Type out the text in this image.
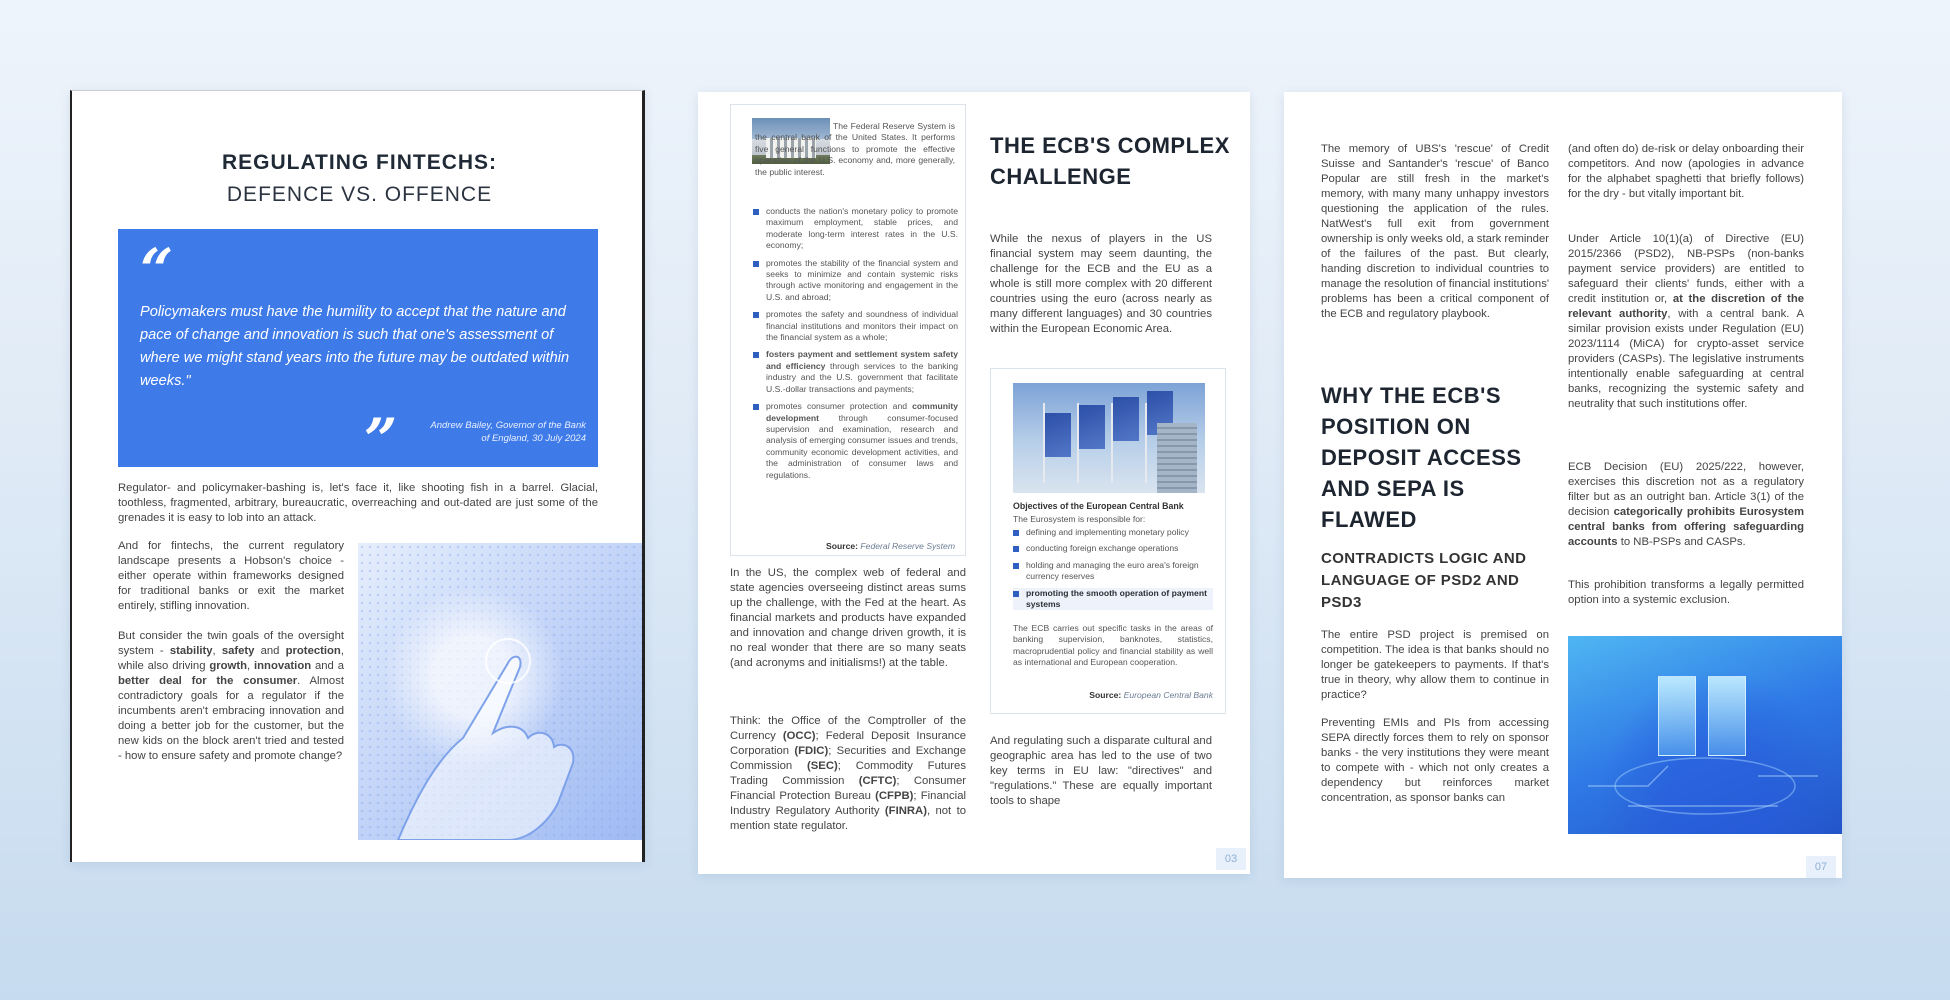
REGULATING FINTECHS:
DEFENCE VS. OFFENCE
“
Policymakers must have the humility to accept that the nature and pace of change and innovation is such that one's assessment of where we might stand years into the future may be outdated within weeks."
”	Andrew Bailey, Governor of the Bank of England, 30 July 2024

Regulator- and policymaker-bashing is, let's face it, like shooting fish in a barrel. Glacial, toothless, fragmented, arbitrary, bureaucratic, overreaching and out-dated are just some of the grenades it is easy to lob into an attack.

And for fintechs, the current regulatory landscape presents a Hobson's choice - either operate within frameworks designed for traditional banks or exit the market entirely, stifling innovation.

But consider the twin goals of the oversight system - stability, safety and protection, while also driving growth, innovation and a better deal for the consumer. Almost contradictory goals for a regulator if the incumbents aren't embracing innovation and doing a better job for the customer, but the new kids on the block aren't tried and tested - how to ensure safety and promote change?

The Federal Reserve System is the central bank of the United States. It performs five general functions to promote the effective operation of the U.S. economy and, more generally, the public interest.

conducts the nation's monetary policy to promote maximum employment, stable prices, and moderate long-term interest rates in the U.S. economy;
promotes the stability of the financial system and seeks to minimize and contain systemic risks through active monitoring and engagement in the U.S. and abroad;
promotes the safety and soundness of individual financial institutions and monitors their impact on the financial system as a whole;
fosters payment and settlement system safety and efficiency through services to the banking industry and the U.S. government that facilitate U.S.-dollar transactions and payments;
promotes consumer protection and community development through consumer-focused supervision and examination, research and analysis of emerging consumer issues and trends, community economic development activities, and the administration of consumer laws and regulations.
Source: Federal Reserve System
THE ECB'S COMPLEX CHALLENGE

While the nexus of players in the US financial system may seem daunting, the challenge for the ECB and the EU as a whole is still more complex with 20 different countries using the euro (across nearly as many different languages) and 30 countries within the European Economic Area.

Objectives of the European Central Bank
The Eurosystem is responsible for:
defining and implementing monetary policy
conducting foreign exchange operations
holding and managing the euro area's foreign currency reserves
promoting the smooth operation of payment systems

The ECB carries out specific tasks in the areas of banking supervision, banknotes, statistics, macroprudential policy and financial stability as well as international and European cooperation.

Source: European Central Bank

In the US, the complex web of federal and state agencies overseeing distinct areas sums up the challenge, with the Fed at the heart. As financial markets and products have expanded and innovation and change driven growth, it is no real wonder that there are so many seats (and acronyms and initialisms!) at the table.

Think: the Office of the Comptroller of the Currency (OCC); Federal Deposit Insurance Corporation (FDIC); Securities and Exchange Commission (SEC); Commodity Futures Trading Commission (CFTC); Consumer Financial Protection Bureau (CFPB); Financial Industry Regulatory Authority (FINRA), not to mention state regulator.

And regulating such a disparate cultural and geographic area has led to the use of two key terms in EU law: "directives" and "regulations." These are equally important tools to shape

03

The memory of UBS's 'rescue' of Credit Suisse and Santander's 'rescue' of Banco Popular are still fresh in the market's memory, with many many unhappy investors questioning the application of the rules. NatWest's full exit from government ownership is only weeks old, a stark reminder of the failures of the past. But clearly, handing discretion to individual countries to manage the resolution of financial institutions' problems has been a critical component of the ECB and regulatory playbook.

WHY THE ECB'S POSITION ON DEPOSIT ACCESS AND SEPA IS FLAWED
CONTRADICTS LOGIC AND LANGUAGE OF PSD2 AND PSD3

The entire PSD project is premised on competition. The idea is that banks should no longer be gatekeepers to payments. If that's true in theory, why allow them to continue in practice?

Preventing EMIs and PIs from accessing SEPA directly forces them to rely on sponsor banks - the very institutions they were meant to compete with - which not only creates a dependency but reinforces market concentration, as sponsor banks can

(and often do) de-risk or delay onboarding their competitors. And now (apologies in advance for the alphabet spaghetti that briefly follows) for the dry - but vitally important bit.

Under Article 10(1)(a) of Directive (EU) 2015/2366 (PSD2), NB-PSPs (non-banks payment service providers) are entitled to safeguard their clients' funds, either with a credit institution or, at the discretion of the relevant authority, with a central bank. A similar provision exists under Regulation (EU) 2023/1114 (MiCA) for crypto-asset service providers (CASPs). The legislative instruments intentionally enable safeguarding at central banks, recognizing the systemic safety and neutrality that such institutions offer.

ECB Decision (EU) 2025/222, however, exercises this discretion not as a regulatory filter but as an outright ban. Article 3(1) of the decision categorically prohibits Eurosystem central banks from offering safeguarding accounts to NB-PSPs and CASPs.

This prohibition transforms a legally permitted option into a systemic exclusion.

07
